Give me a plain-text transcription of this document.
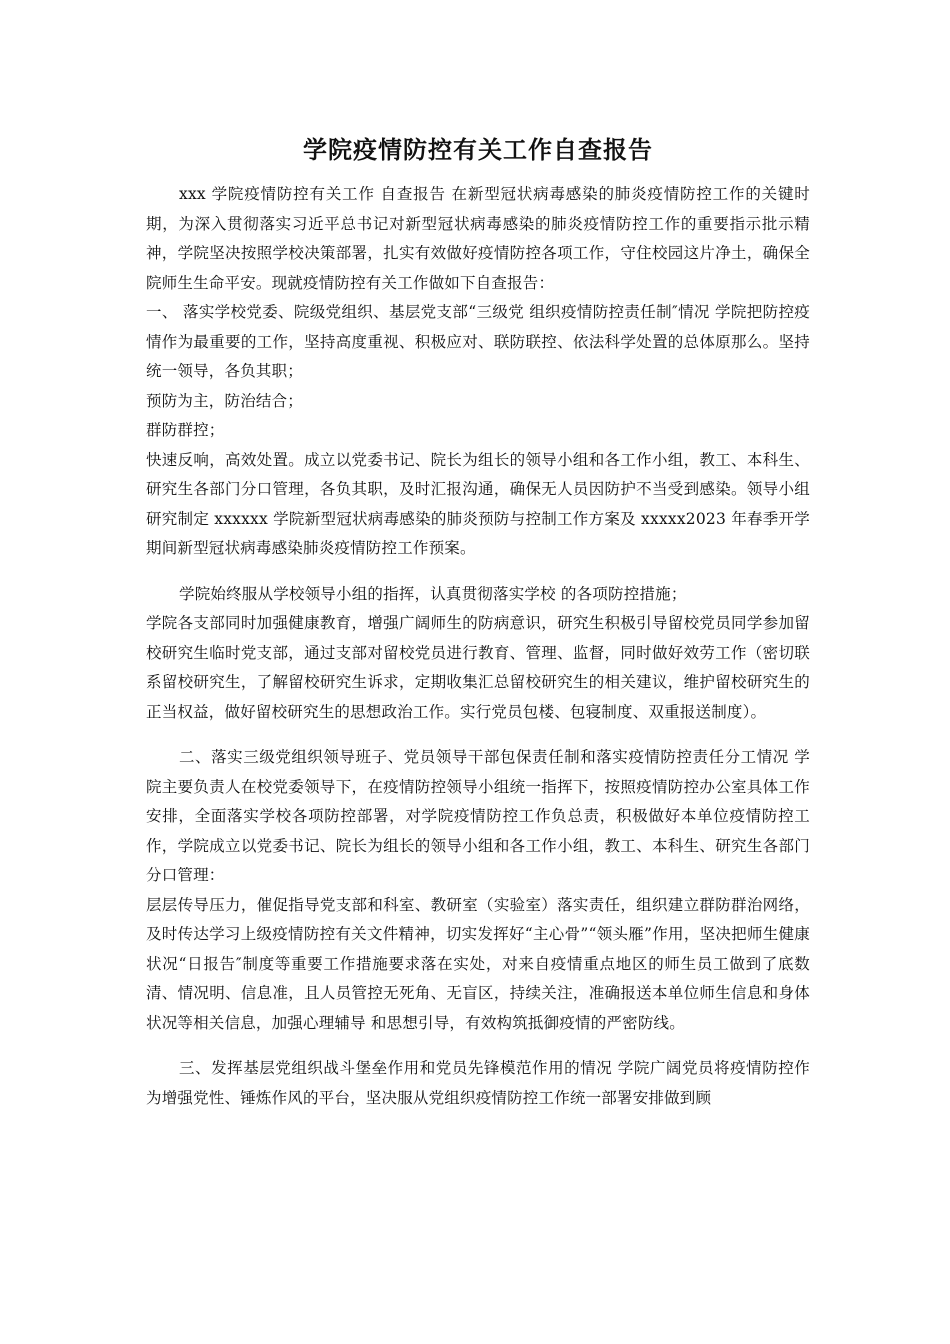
学院疫情防控有关工作自查报告

xxx 学院疫情防控有关工作 自查报告 在新型冠状病毒感染的肺炎疫情防控工作的关键时期，为深入贯彻落实习近平总书记对新型冠状病毒感染的肺炎疫情防控工作的重要指示批示精神，学院坚决按照学校决策部署，扎实有效做好疫情防控各项工作，守住校园这片净土，确保全院师生生命平安。现就疫情防控有关工作做如下自查报告：

一、 落实学校党委、院级党组织、基层党支部“三级党 组织疫情防控责任制″情况 学院把防控疫情作为最重要的工作，坚持高度重视、积极应对、联防联控、依法科学处置的总体原那么。坚持统一领导，各负其职；

预防为主，防治结合；

群防群控；

快速反响，高效处置。成立以党委书记、院长为组长的领导小组和各工作小组，教工、本科生、研究生各部门分口管理，各负其职，及时汇报沟通，确保无人员因防护不当受到感染。领导小组研究制定 xxxxxx 学院新型冠状病毒感染的肺炎预防与控制工作方案及 xxxxx2023 年春季开学期间新型冠状病毒感染肺炎疫情防控工作预案。

学院始终服从学校领导小组的指挥，认真贯彻落实学校 的各项防控措施；

学院各支部同时加强健康教育，增强广阔师生的防病意识，研究生积极引导留校党员同学参加留校研究生临时党支部，通过支部对留校党员进行教育、管理、监督，同时做好效劳工作（密切联系留校研究生，了解留校研究生诉求，定期收集汇总留校研究生的相关建议，维护留校研究生的正当权益，做好留校研究生的思想政治工作。实行党员包楼、包寝制度、双重报送制度）。

二、落实三级党组织领导班子、党员领导干部包保责任制和落实疫情防控责任分工情况 学院主要负责人在校党委领导下，在疫情防控领导小组统一指挥下，按照疫情防控办公室具体工作安排，全面落实学校各项防控部署，对学院疫情防控工作负总责，积极做好本单位疫情防控工作，学院成立以党委书记、院长为组长的领导小组和各工作小组，教工、本科生、研究生各部门分口管理：

层层传导压力，催促指导党支部和科室、教研室（实验室）落实责任，组织建立群防群治网络，及时传达学习上级疫情防控有关文件精神，切实发挥好“主心骨”“领头雁”作用，坚决把师生健康状况“日报告″制度等重要工作措施要求落在实处，对来自疫情重点地区的师生员工做到了底数清、情况明、信息准，且人员管控无死角、无盲区，持续关注，准确报送本单位师生信息和身体状况等相关信息，加强心理辅导 和思想引导，有效构筑抵御疫情的严密防线。

三、发挥基层党组织战斗堡垒作用和党员先锋模范作用的情况 学院广阔党员将疫情防控作为增强党性、锤炼作风的平台，坚决服从党组织疫情防控工作统一部署安排做到顾
